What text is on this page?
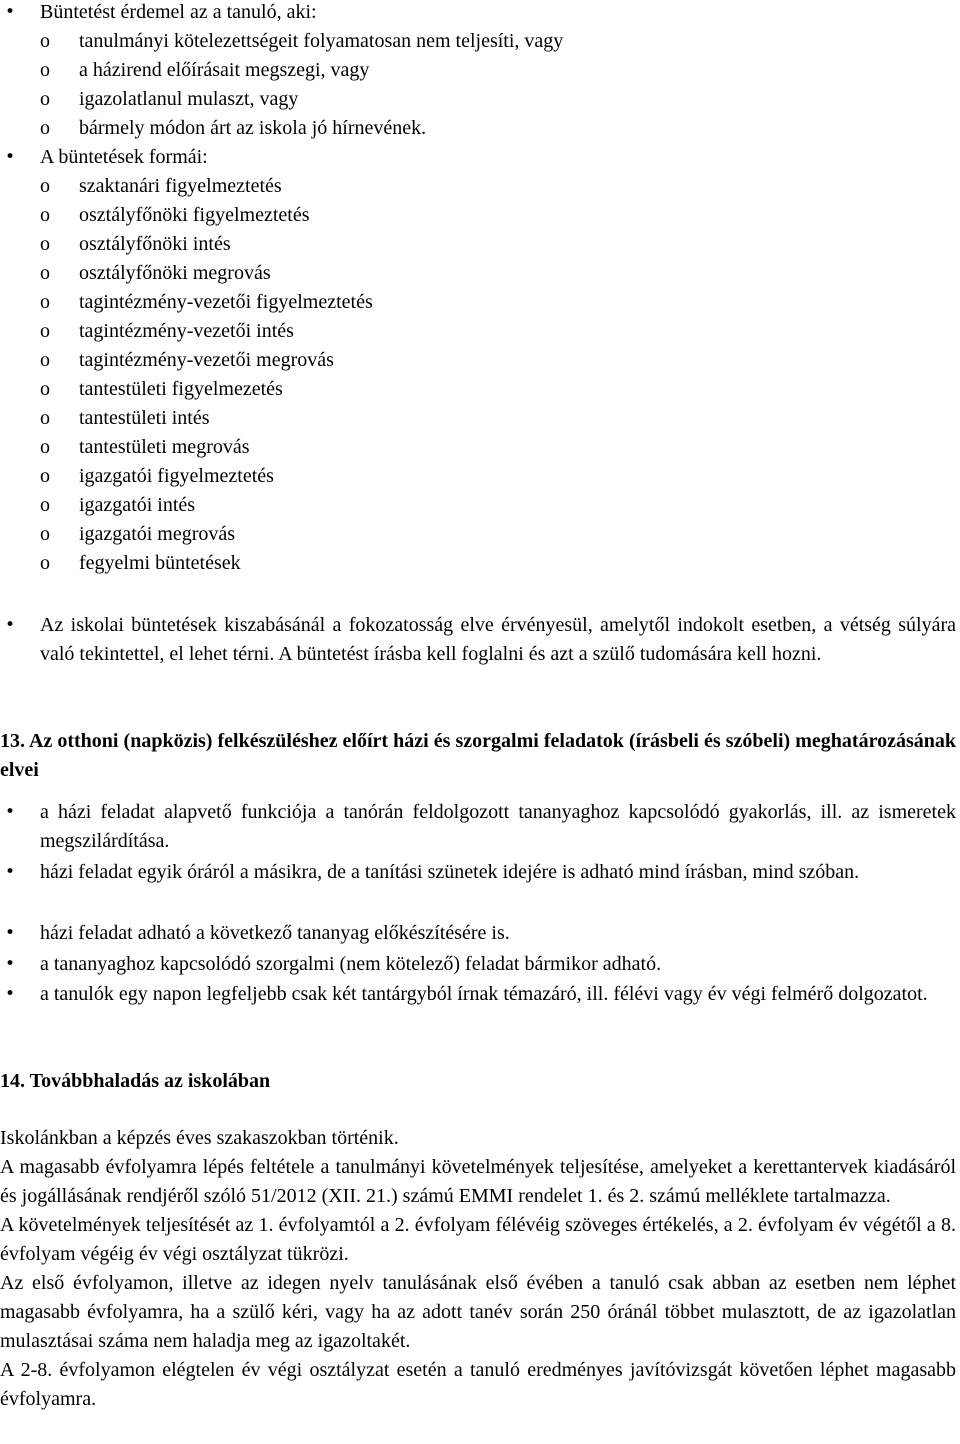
• Büntetést érdemel az a tanuló, aki:
o tanulmányi kötelezettségeit folyamatosan nem teljesíti, vagy
o a házirend előírásait megszegi, vagy
o igazolatlanul mulaszt, vagy
o bármely módon árt az iskola jó hírnevének.
• A büntetések formái:
o szaktanári figyelmeztetés
o osztályfőnöki figyelmeztetés
o osztályfőnöki intés
o osztályfőnöki megrovás
o tagintézmény-vezetői figyelmeztetés
o tagintézmény-vezetői intés
o tagintézmény-vezetői megrovás
o tantestületi figyelmezetés
o tantestületi intés
o tantestületi megrovás
o igazgatói figyelmeztetés
o igazgatói intés
o igazgatói megrovás
o fegyelmi büntetések
• Az iskolai büntetések kiszabásánál a fokozatosság elve érvényesül, amelytől indokolt esetben, a vétség súlyára való tekintettel, el lehet térni. A büntetést írásba kell foglalni és azt a szülő tudomására kell hozni.
13. Az otthoni (napközis) felkészüléshez előírt házi és szorgalmi feladatok (írásbeli és szóbeli) meghatározásának elvei
• a házi feladat alapvető funkciója a tanórán feldolgozott tananyaghoz kapcsolódó gyakorlás, ill. az ismeretek megszilárdítása.
• házi feladat egyik óráról a másikra, de a tanítási szünetek idejére is adható mind írásban, mind szóban.
• házi feladat adható a következő tananyag előkészítésére is.
• a tananyaghoz kapcsolódó szorgalmi (nem kötelező) feladat bármikor adható.
• a tanulók egy napon legfeljebb csak két tantárgyból írnak témazáró, ill. félévi vagy év végi felmérő dolgozatot.
14. Továbbhaladás az iskolában
Iskolánkban a képzés éves szakaszokban történik.
A magasabb évfolyamra lépés feltétele a tanulmányi követelmények teljesítése, amelyeket a kerettantervek kiadásáról és jogállásának rendjéről szóló 51/2012 (XII. 21.) számú EMMI rendelet 1. és 2. számú melléklete tartalmazza.
A követelmények teljesítését az 1. évfolyamtól a 2. évfolyam félévéig szöveges értékelés, a 2. évfolyam év végétől a 8. évfolyam végéig év végi osztályzat tükrözi.
Az első évfolyamon, illetve az idegen nyelv tanulásának első évében a tanuló csak abban az esetben nem léphet magasabb évfolyamra, ha a szülő kéri, vagy ha az adott tanév során 250 óránál többet mulasztott, de az igazolatlan mulasztásai száma nem haladja meg az igazoltakét.
A 2-8. évfolyamon elégtelen év végi osztályzat esetén a tanuló eredményes javítóvizsgát követően léphet magasabb évfolyamra.
